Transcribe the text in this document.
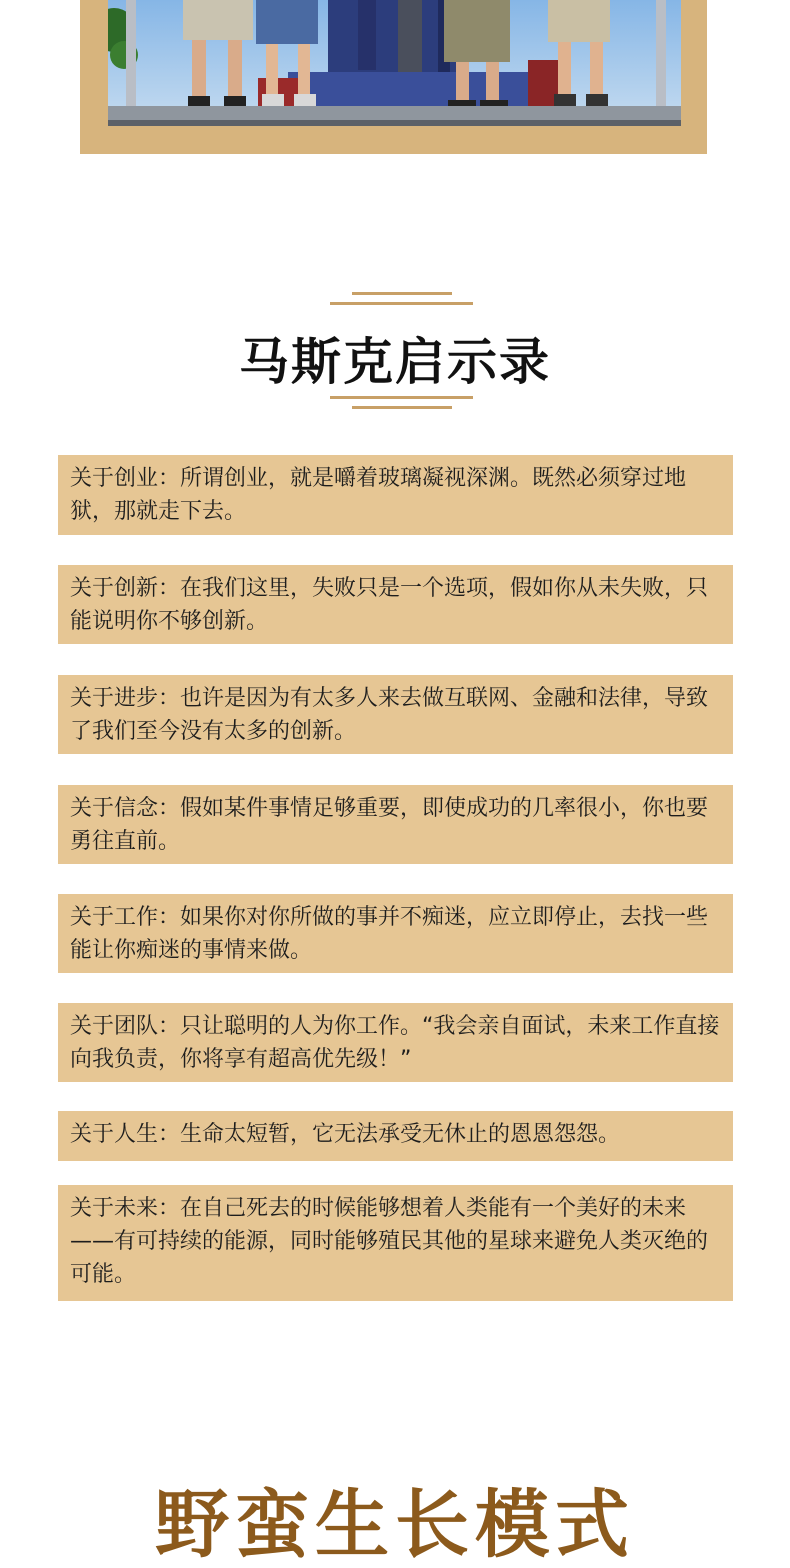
马斯克启示录
关于创业：所谓创业，就是嚼着玻璃凝视深渊。既然必须穿过地狱，那就走下去。
关于创新：在我们这里，失败只是一个选项，假如你从未失败，只能说明你不够创新。
关于进步：也许是因为有太多人来去做互联网、金融和法律，导致了我们至今没有太多的创新。
关于信念：假如某件事情足够重要，即使成功的几率很小，你也要勇往直前。
关于工作：如果你对你所做的事并不痴迷，应立即停止，去找一些能让你痴迷的事情来做。
关于团队：只让聪明的人为你工作。“我会亲自面试，未来工作直接向我负责，你将享有超高优先级！”
关于人生：生命太短暂，它无法承受无休止的恩恩怨怨。
关于未来：在自己死去的时候能够想着人类能有一个美好的未来——有可持续的能源，同时能够殖民其他的星球来避免人类灭绝的可能。
野蛮生长模式
